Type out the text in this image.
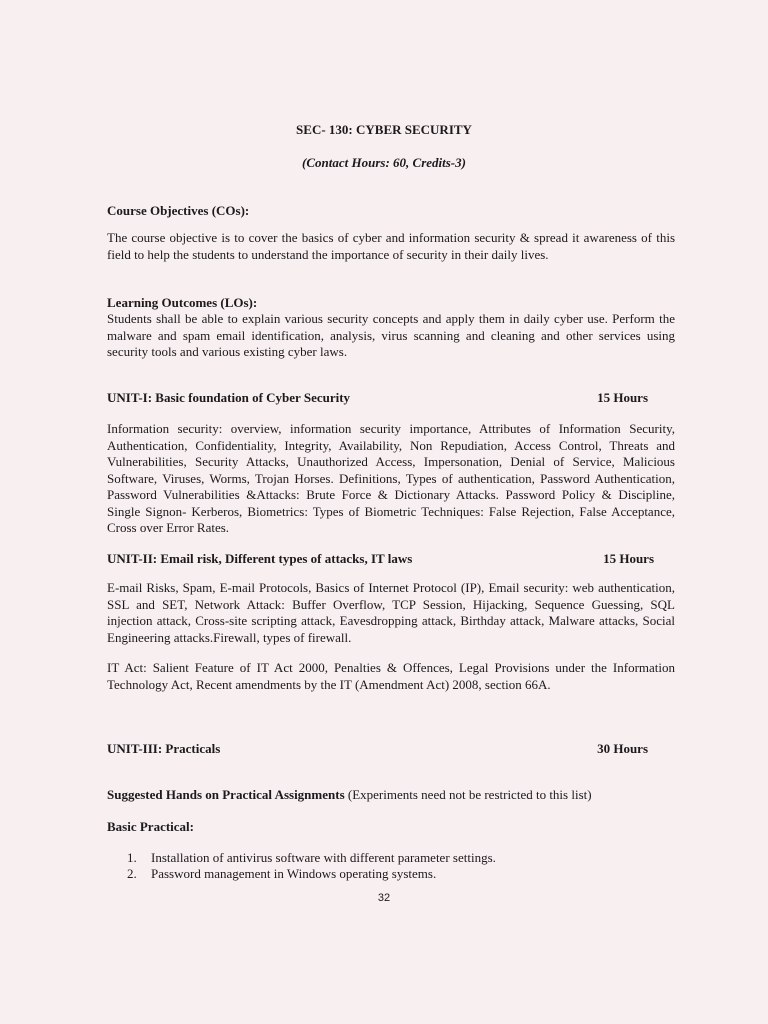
SEC- 130: CYBER SECURITY
(Contact Hours: 60, Credits-3)
Course Objectives (COs):
The course objective is to cover the basics of cyber and information security & spread it awareness of this field to help the students to understand the importance of security in their daily lives.
Learning Outcomes (LOs):
Students shall be able to explain various security concepts and apply them in daily cyber use. Perform the malware and spam email identification, analysis, virus scanning and cleaning and other services using security tools and various existing cyber laws.
UNIT-I: Basic foundation of Cyber Security	15 Hours
Information security: overview, information security importance, Attributes of Information Security, Authentication, Confidentiality, Integrity, Availability, Non Repudiation, Access Control, Threats and Vulnerabilities, Security Attacks, Unauthorized Access, Impersonation, Denial of Service, Malicious Software, Viruses, Worms, Trojan Horses. Definitions, Types of authentication, Password Authentication, Password Vulnerabilities &Attacks: Brute Force & Dictionary Attacks. Password Policy & Discipline, Single Signon- Kerberos, Biometrics: Types of Biometric Techniques: False Rejection, False Acceptance, Cross over Error Rates.
UNIT-II: Email risk, Different types of attacks, IT laws	15 Hours
E-mail Risks, Spam, E-mail Protocols, Basics of Internet Protocol (IP), Email security: web authentication, SSL and SET, Network Attack: Buffer Overflow, TCP Session, Hijacking, Sequence Guessing, SQL injection attack, Cross-site scripting attack, Eavesdropping attack, Birthday attack, Malware attacks, Social Engineering attacks.Firewall, types of firewall.
IT Act: Salient Feature of IT Act 2000, Penalties & Offences, Legal Provisions under the Information Technology Act, Recent amendments by the IT (Amendment Act) 2008, section 66A.
UNIT-III: Practicals	30 Hours
Suggested Hands on Practical Assignments (Experiments need not be restricted to this list)
Basic Practical:
1. Installation of antivirus software with different parameter settings.
2. Password management in Windows operating systems.
32
